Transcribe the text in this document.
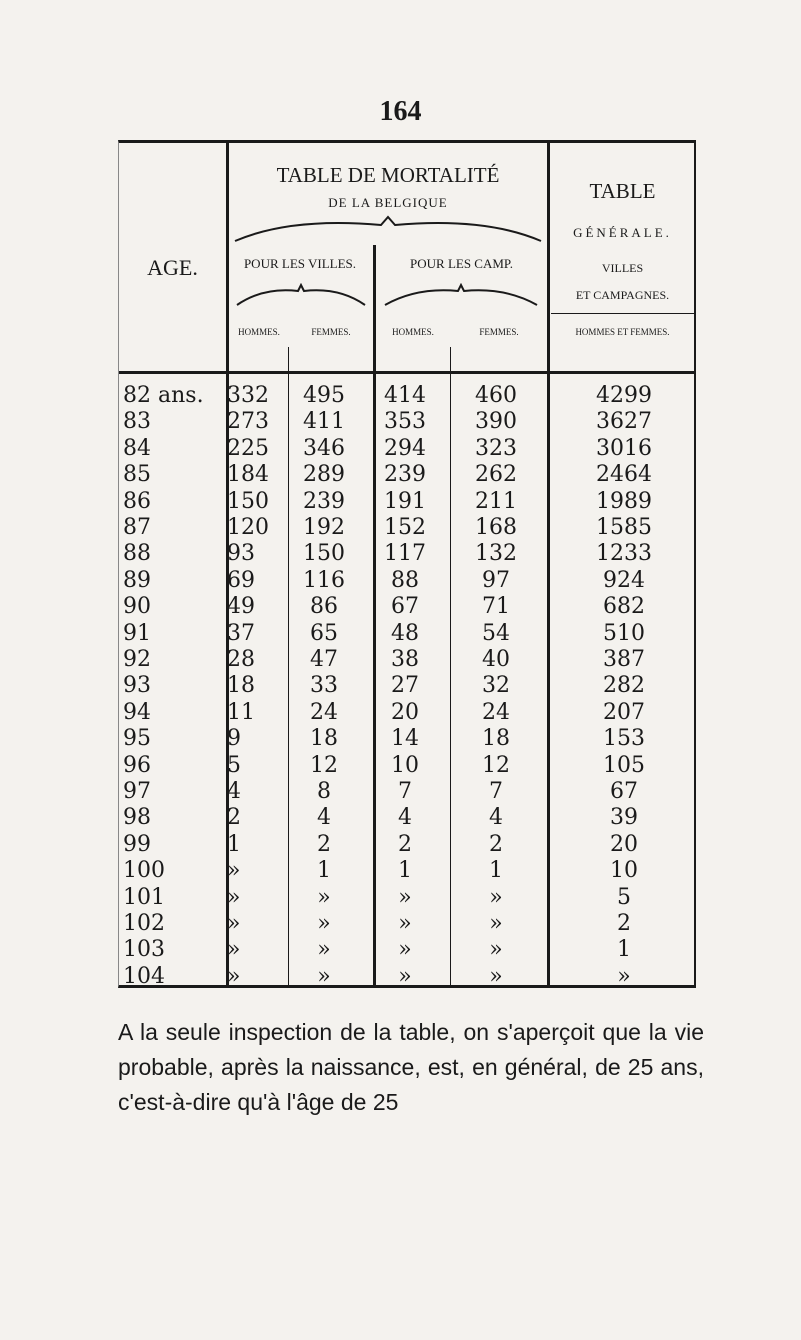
164
AGE.
TABLE DE MORTALITÉ
DE LA BELGIQUE
POUR LES VILLES.	POUR LES CAMP.
HOMMES.	FEMMES.	HOMMES.	FEMMES.
TABLE
GÉNÉRALE.
VILLES
ET CAMPAGNES.
HOMMES ET FEMMES.
82 ans. 332	495	414	460	4299
83	273	411	353	390	3627
84	225	346	294	323	3016
85	184	289	239	262	2464
86	150	239	191	211	1989
87	120	192	152	168	1585
88	93	150	117	132	1233
89	69	116	88	97	924
90	49	86	67	71	682
91	37	65	48	54	510
92	28	47	38	40	387
93	18	33	27	32	282
94	11	24	20	24	207
95	9	18	14	18	153
96	5	12	10	12	105
97	4	8	7	7	67
98	2	4	4	4	39
99	1	2	2	2	20
100	»	1	1	1	10
101	»	»	»	»	5
102	»	»	»	»	2
103	»	»	»	»	1
104	»	»	»	»	»
A la seule inspection de la table, on s'aperçoit que la vie probable, après la naissance, est, en général, de 25 ans, c'est-à-dire qu'à l'âge de 25
